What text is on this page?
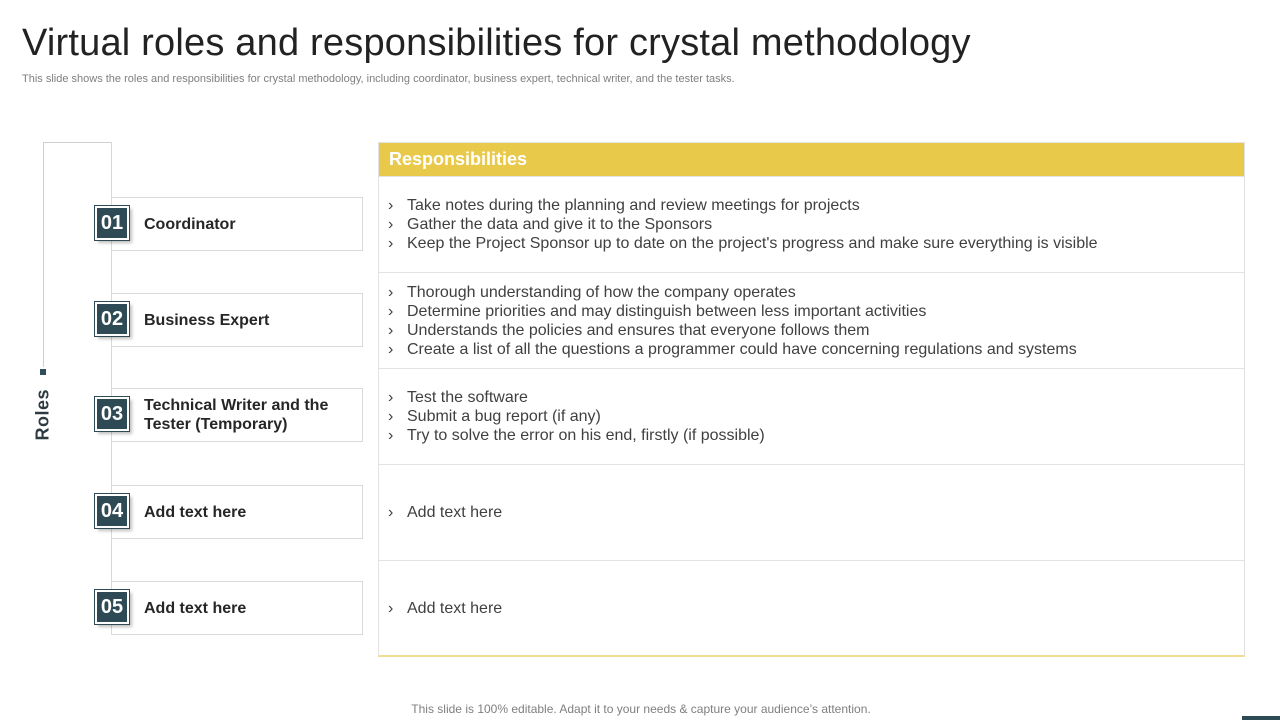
Virtual roles and responsibilities for crystal methodology
This slide shows the roles and responsibilities for crystal methodology, including coordinator, business expert, technical writer, and the tester tasks.
Roles
Coordinator
01
Business Expert
02
Technical Writer and the Tester (Temporary)
03
Add text here
04
Add text here
05
Responsibilities
› Take notes during the planning and review meetings for projects
› Gather the data and give it to the Sponsors
› Keep the Project Sponsor up to date on the project's progress and make sure everything is visible
› Thorough understanding of how the company operates
› Determine priorities and may distinguish between less important activities
› Understands the policies and ensures that everyone follows them
› Create a list of all the questions a programmer could have concerning regulations and systems
› Test the software
› Submit a bug report (if any)
› Try to solve the error on his end, firstly (if possible)
› Add text here
› Add text here
This slide is 100% editable. Adapt it to your needs & capture your audience’s attention.
